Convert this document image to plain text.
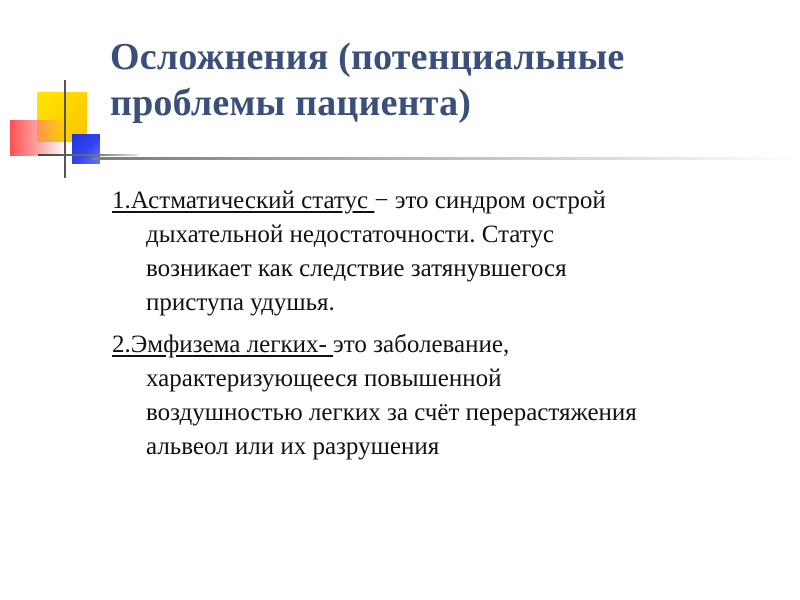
Осложнения (потенциальные
проблемы пациента)
1.Астматический статус − это синдром острой
дыхательной недостаточности. Статус
возникает как следствие затянувшегося
приступа удушья.
2.Эмфизема легких- это заболевание,
характеризующееся повышенной
воздушностью легких за счёт перерастяжения
альвеол или их разрушения
